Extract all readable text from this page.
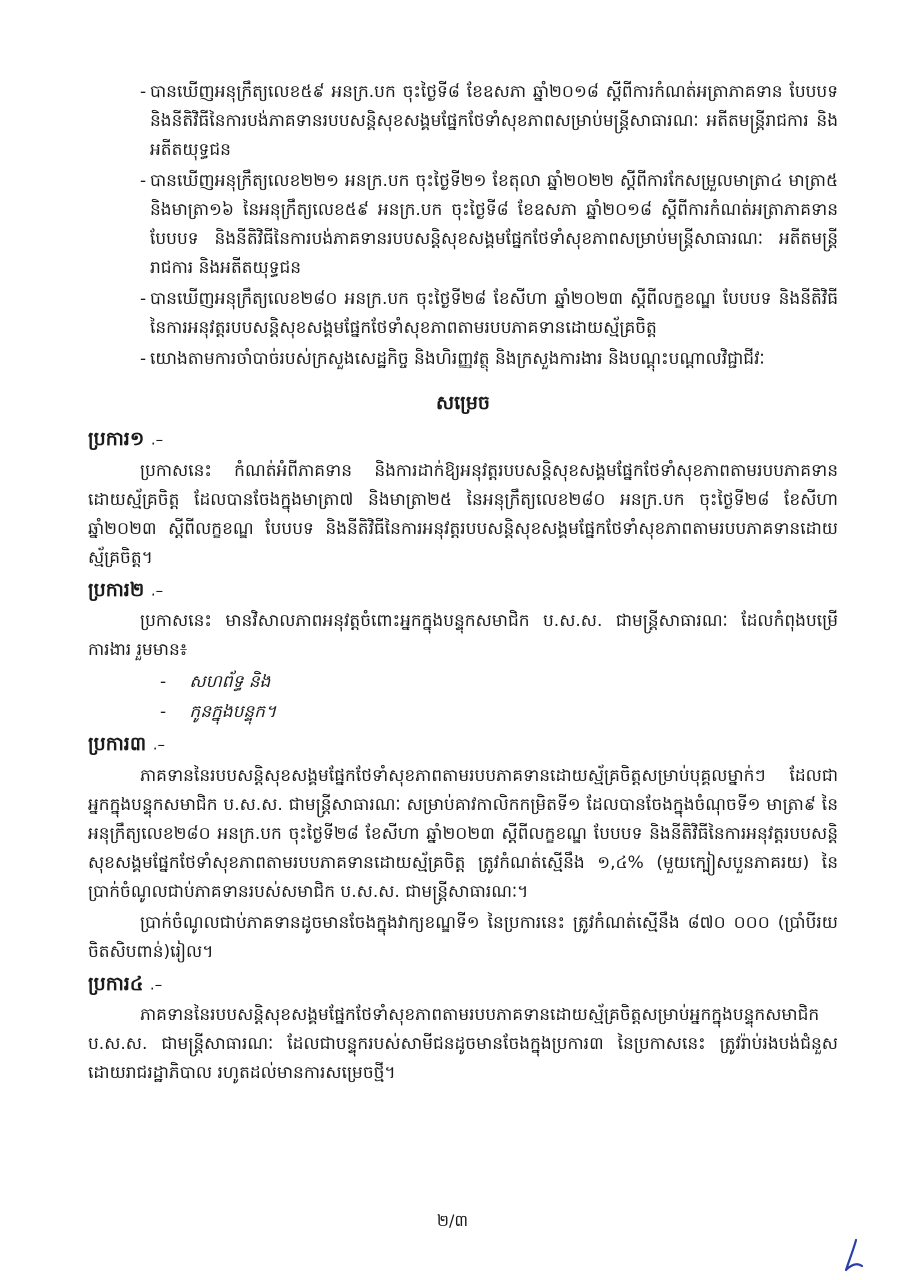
- បានឃើញអនុក្រឹត្យលេខ៥៩ អនក្រ.បក ចុះថ្ងៃទី៨ ខែឧសភា ឆ្នាំ២០១៨ ស្តីពីការកំណត់អត្រាភាគទាន បែបបទ និងនីតិវិធីនៃការបង់ភាគទានរបបសន្តិសុខសង្គមផ្នែកថែទាំសុខភាពសម្រាប់មន្ត្រីសាធារណៈ អតីតមន្ត្រីរាជការ និងអតីតយុទ្ធជន
- បានឃើញអនុក្រឹត្យលេខ២២១ អនក្រ.បក ចុះថ្ងៃទី២១ ខែតុលា ឆ្នាំ២០២២ ស្តីពីការកែសម្រួលមាត្រា៤ មាត្រា៥ និងមាត្រា១៦ នៃអនុក្រឹត្យលេខ៥៩ អនក្រ.បក ចុះថ្ងៃទី៨ ខែឧសភា ឆ្នាំ២០១៨ ស្តីពីការកំណត់អត្រាភាគទាន បែបបទ និងនីតិវិធីនៃការបង់ភាគទានរបបសន្តិសុខសង្គមផ្នែកថែទាំសុខភាពសម្រាប់មន្ត្រីសាធារណៈ អតីតមន្ត្រីរាជការ និងអតីតយុទ្ធជន
- បានឃើញអនុក្រឹត្យលេខ២៨០ អនក្រ.បក ចុះថ្ងៃទី២៨ ខែសីហា ឆ្នាំ២០២៣ ស្តីពីលក្ខខណ្ឌ បែបបទ និងនីតិវិធីនៃការអនុវត្តរបបសន្តិសុខសង្គមផ្នែកថែទាំសុខភាពតាមរបបភាគទានដោយស្ម័គ្រចិត្ត
- យោងតាមការចាំបាច់របស់ក្រសួងសេដ្ឋកិច្ច និងហិរញ្ញវត្ថុ និងក្រសួងការងារ និងបណ្តុះបណ្តាលវិជ្ជាជីវៈ
សម្រេច
ប្រការ១ .–

ប្រកាសនេះ កំណត់អំពីភាគទាន និងការដាក់ឱ្យអនុវត្តរបបសន្តិសុខសង្គមផ្នែកថែទាំសុខភាពតាមរបបភាគទានដោយស្ម័គ្រចិត្ត ដែលបានចែងក្នុងមាត្រា៧ និងមាត្រា២៥ នៃអនុក្រឹត្យលេខ២៨០ អនក្រ.បក ចុះថ្ងៃទី២៨ ខែសីហា ឆ្នាំ២០២៣ ស្តីពីលក្ខខណ្ឌ បែបបទ និងនីតិវិធីនៃការអនុវត្តរបបសន្តិសុខសង្គមផ្នែកថែទាំសុខភាពតាមរបបភាគទានដោយស្ម័គ្រចិត្ត។

ប្រការ២ .–

ប្រកាសនេះ មានវិសាលភាពអនុវត្តចំពោះអ្នកក្នុងបន្ទុកសមាជិក ប.ស.ស. ជាមន្ត្រីសាធារណៈ ដែលកំពុងបម្រើការងារ រួមមាន៖

- សហព័ទ្ធ និង
- កូនក្នុងបន្ទុក។
ប្រការ៣ .–

ភាគទាននៃរបបសន្តិសុខសង្គមផ្នែកថែទាំសុខភាពតាមរបបភាគទានដោយស្ម័គ្រចិត្តសម្រាប់បុគ្គលម្នាក់ៗ ដែលជាអ្នកក្នុងបន្ទុកសមាជិក ប.ស.ស. ជាមន្ត្រីសាធារណៈ សម្រាប់គាវកាលិកកម្រិតទី១ ដែលបានចែងក្នុងចំណុចទី១ មាត្រា៩ នៃអនុក្រឹត្យលេខ២៨០ អនក្រ.បក ចុះថ្ងៃទី២៨ ខែសីហា ឆ្នាំ២០២៣ ស្តីពីលក្ខខណ្ឌ បែបបទ និងនីតិវិធីនៃការអនុវត្តរបបសន្តិសុខសង្គមផ្នែកថែទាំសុខភាពតាមរបបភាគទានដោយស្ម័គ្រចិត្ត ត្រូវកំណត់ស្មើនឹង ១,៤% (មួយក្បៀសបួនភាគរយ) នៃប្រាក់ចំណូលជាប់ភាគទានរបស់សមាជិក ប.ស.ស. ជាមន្ត្រីសាធារណៈ។

ប្រាក់ចំណូលជាប់ភាគទានដូចមានចែងក្នុងវាក្យខណ្ឌទី១ នៃប្រការនេះ ត្រូវកំណត់ស្មើនឹង ៨៧០ ០០០ (ប្រាំបីរយចិតសិបពាន់)រៀល។

ប្រការ៤ .–

ភាគទាននៃរបបសន្តិសុខសង្គមផ្នែកថែទាំសុខភាពតាមរបបភាគទានដោយស្ម័គ្រចិត្តសម្រាប់អ្នកក្នុងបន្ទុកសមាជិក ប.ស.ស. ជាមន្ត្រីសាធារណៈ ដែលជាបន្ទុករបស់សាមីជនដូចមានចែងក្នុងប្រការ៣ នៃប្រកាសនេះ ត្រូវរ៉ាប់រងបង់ជំនួសដោយរាជរដ្ឋាភិបាល រហូតដល់មានការសម្រេចថ្មី។

២/៣
